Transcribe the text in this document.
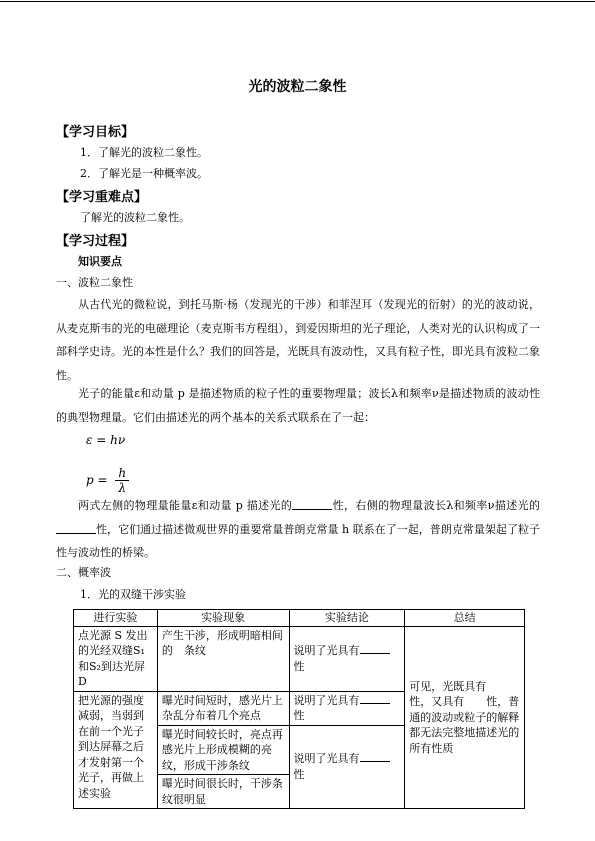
光的波粒二象性
【学习目标】
1．了解光的波粒二象性。
2．了解光是一种概率波。
【学习重难点】
了解光的波粒二象性。
【学习过程】
知识要点
一、波粒二象性
从古代光的微粒说，到托马斯·杨（发现光的干涉）和菲涅耳（发现光的衍射）的光的波动说，从麦克斯韦的光的电磁理论（麦克斯韦方程组），到爱因斯坦的光子理论，人类对光的认识构成了一部科学史诗。光的本性是什么？我们的回答是，光既具有波动性，又具有粒子性，即光具有波粒二象性。
光子的能量ε和动量 p 是描述物质的粒子性的重要物理量；波长λ和频率ν是描述物质的波动性的典型物理量。它们由描述光的两个基本的关系式联系在了一起：
ε = hν
$p = \frac{h}{\lambda}$
两式左侧的物理量能量ε和动量 p 描述光的	性，右侧的物理量波长λ和频率ν描述光的性，它们通过描述微观世界的重要常量普朗克常量 h 联系在了一起，普朗克常量架起了粒子性与波动性的桥梁。
二、概率波
1．光的双缝干涉实验
进行实验	实验现象	实验结论	总结
点光源 S 发出的光经双缝S₁和S₂到达光屏 D	产生干涉，形成明暗相间的　条纹	说明了光具有性	可见，光既具有　　性，又具有　　性，普通的波动或粒子的解释都无法完整地描述光的所有性质
把光源的强度减弱，当弱到在前一个光子到达屏幕之后才发射第一个光子，再做上述实验	曝光时间短时，感光片上杂乱分布着几个亮点	说明了光具有性	
	曝光时间较长时，亮点再感光片上形成模糊的亮纹，形成干涉条纹	说明了光具有性	
	曝光时间很长时，干涉条纹很明显		
